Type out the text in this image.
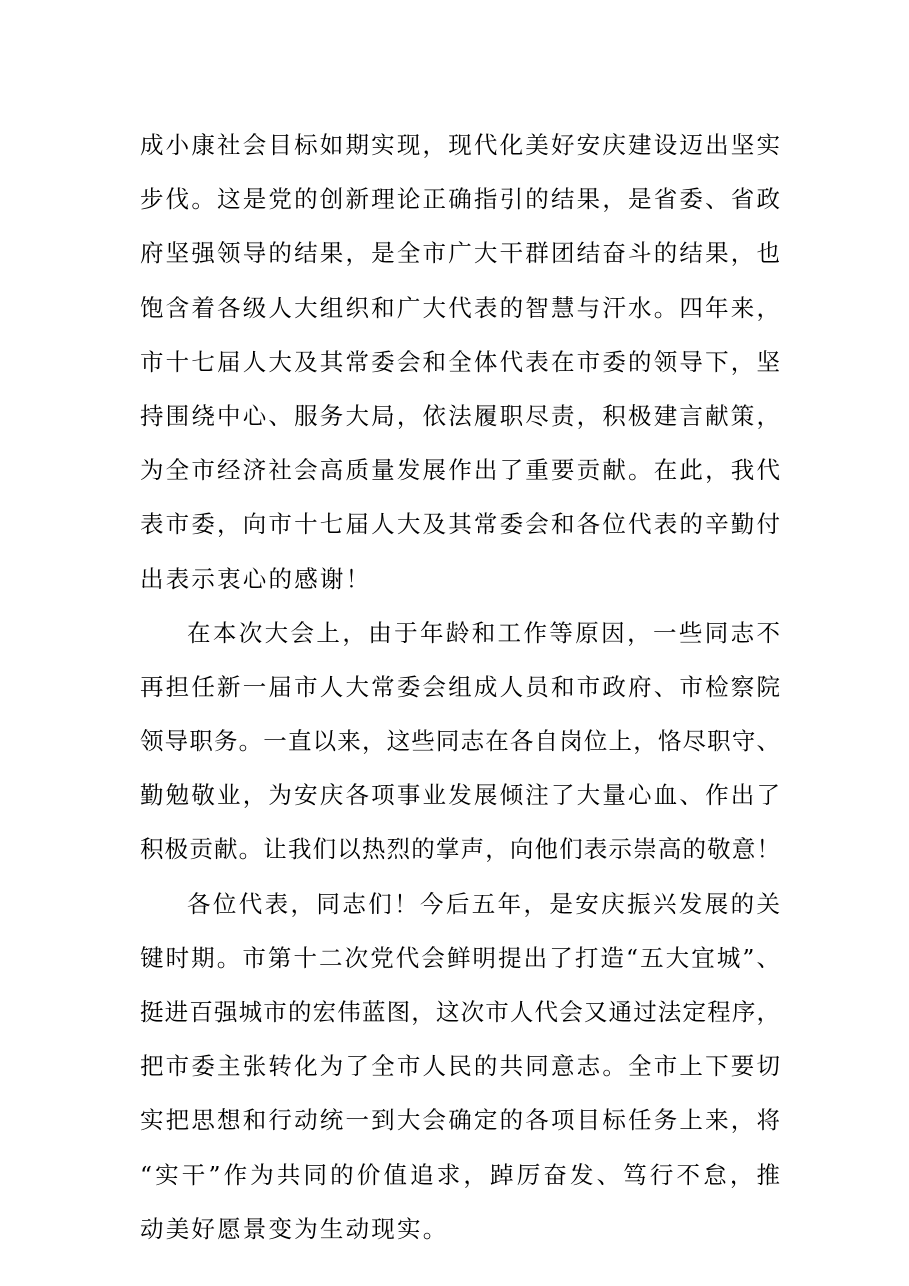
成小康社会目标如期实现，现代化美好安庆建设迈出坚实
步伐。这是党的创新理论正确指引的结果，是省委、省政
府坚强领导的结果，是全市广大干群团结奋斗的结果，也
饱含着各级人大组织和广大代表的智慧与汗水。四年来，
市十七届人大及其常委会和全体代表在市委的领导下，坚
持围绕中心、服务大局，依法履职尽责，积极建言献策，
为全市经济社会高质量发展作出了重要贡献。在此，我代
表市委，向市十七届人大及其常委会和各位代表的辛勤付
出表示衷心的感谢！
在本次大会上，由于年龄和工作等原因，一些同志不
再担任新一届市人大常委会组成人员和市政府、市检察院
领导职务。一直以来，这些同志在各自岗位上，恪尽职守、
勤勉敬业，为安庆各项事业发展倾注了大量心血、作出了
积极贡献。让我们以热烈的掌声，向他们表示崇高的敬意！
各位代表，同志们！今后五年，是安庆振兴发展的关
键时期。市第十二次党代会鲜明提出了打造“五大宜城”、
挺进百强城市的宏伟蓝图，这次市人代会又通过法定程序，
把市委主张转化为了全市人民的共同意志。全市上下要切
实把思想和行动统一到大会确定的各项目标任务上来，将
“实干”作为共同的价值追求，踔厉奋发、笃行不怠，推
动美好愿景变为生动现实。
